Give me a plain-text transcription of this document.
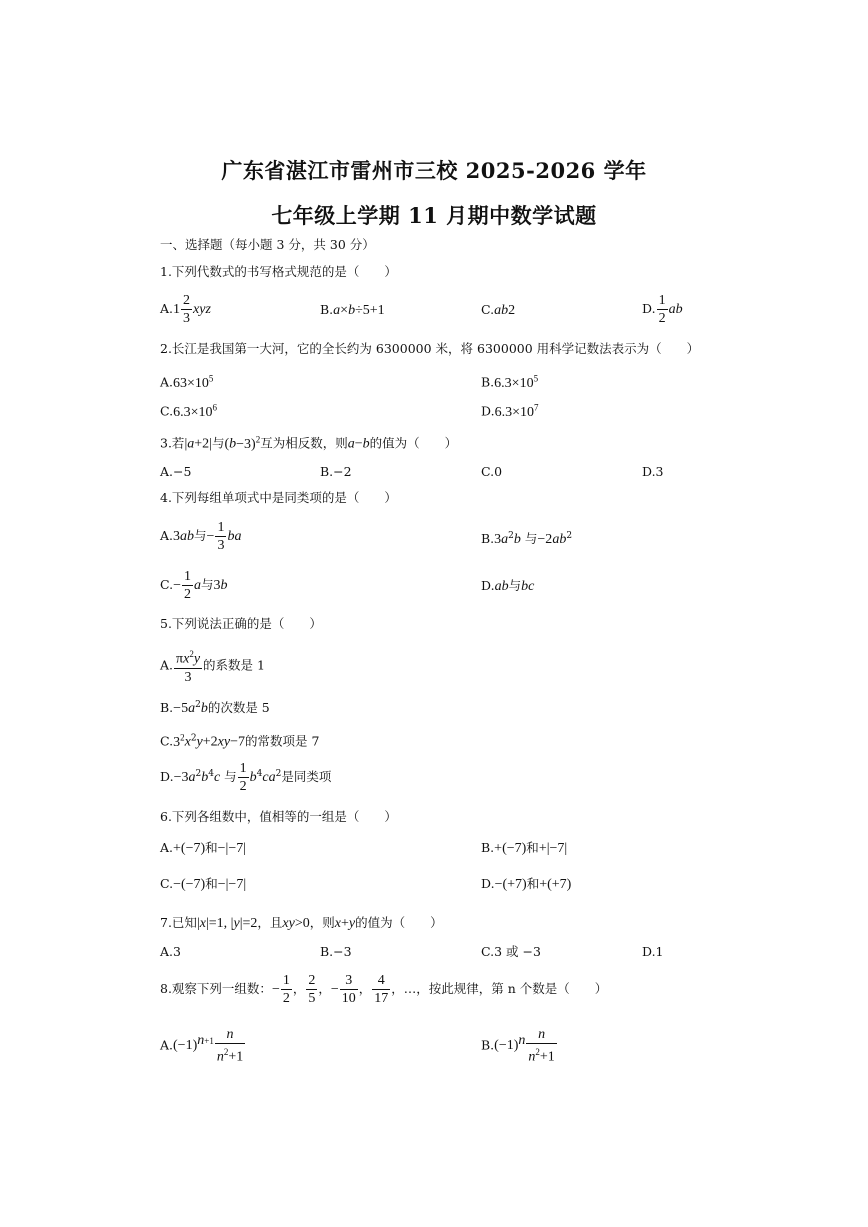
广东省湛江市雷州市三校 2025-2026 学年
七年级上学期 11 月期中数学试题
一、选择题（每小题 3 分，共 30 分）
1.下列代数式的书写格式规范的是（　　）
$A.1 \frac{2}{3}$ xyz	B.a×b÷5+1	C.ab2	D. $\frac{1}{2}$ ab
2.长江是我国第一大河，它的全长约为 6300000 米，将 6300000 用科学记数法表示为（　　）
$A.63\times 10^5$	$B.6.3\times 10^5$
$C.6.3\times 10^6$	$D.6.3\times 10^7$
3.若|a+2|与$(b-3)^2$互为相反数，则a−b的值为（　　）
A.−5	B.−2	C.0	D.3
4.下列每组单项式中是同类项的是（　　）
A.3ab与− $\frac{1}{3}$ ba	$B.3a^2b$ 与$-2ab^2$
$C.- \frac{1}{2}$ a与3b	D.ab与bc
5.下列说法正确的是（　　）
A. $\frac{\pi x^2y}{3}$ 的系数是 1
$B.-5a^2b$的次数是 5
$C.3^2x^2y+2xy-7$的常数项是 7
$D.-3a^2b^4c$ 与 $\frac{1}{2} b^4ca^2$是同类项
6.下列各组数中，值相等的一组是（　　）
A.+(−7)和−|−7|	B.+(−7)和+|−7|
C.−(−7)和−|−7|	D.−(+7)和+(+7)
7.已知|x|=1, |y|=2，且xy>0，则x+y的值为（　　）
A.3	B.−3	C.3 或 −3	D.1
8.观察下列一组数：− $\frac{1}{2}$ ， $\frac{2}{5}$ ，− $\frac{3}{10}$ ， $\frac{4}{17}$ ，…，按此规律，第 n 个数是（　　）
$A.(-1)^{n+1} \frac{n}{n^2+1}$	$B.(-1)^n \frac{n}{n^2+1}$
